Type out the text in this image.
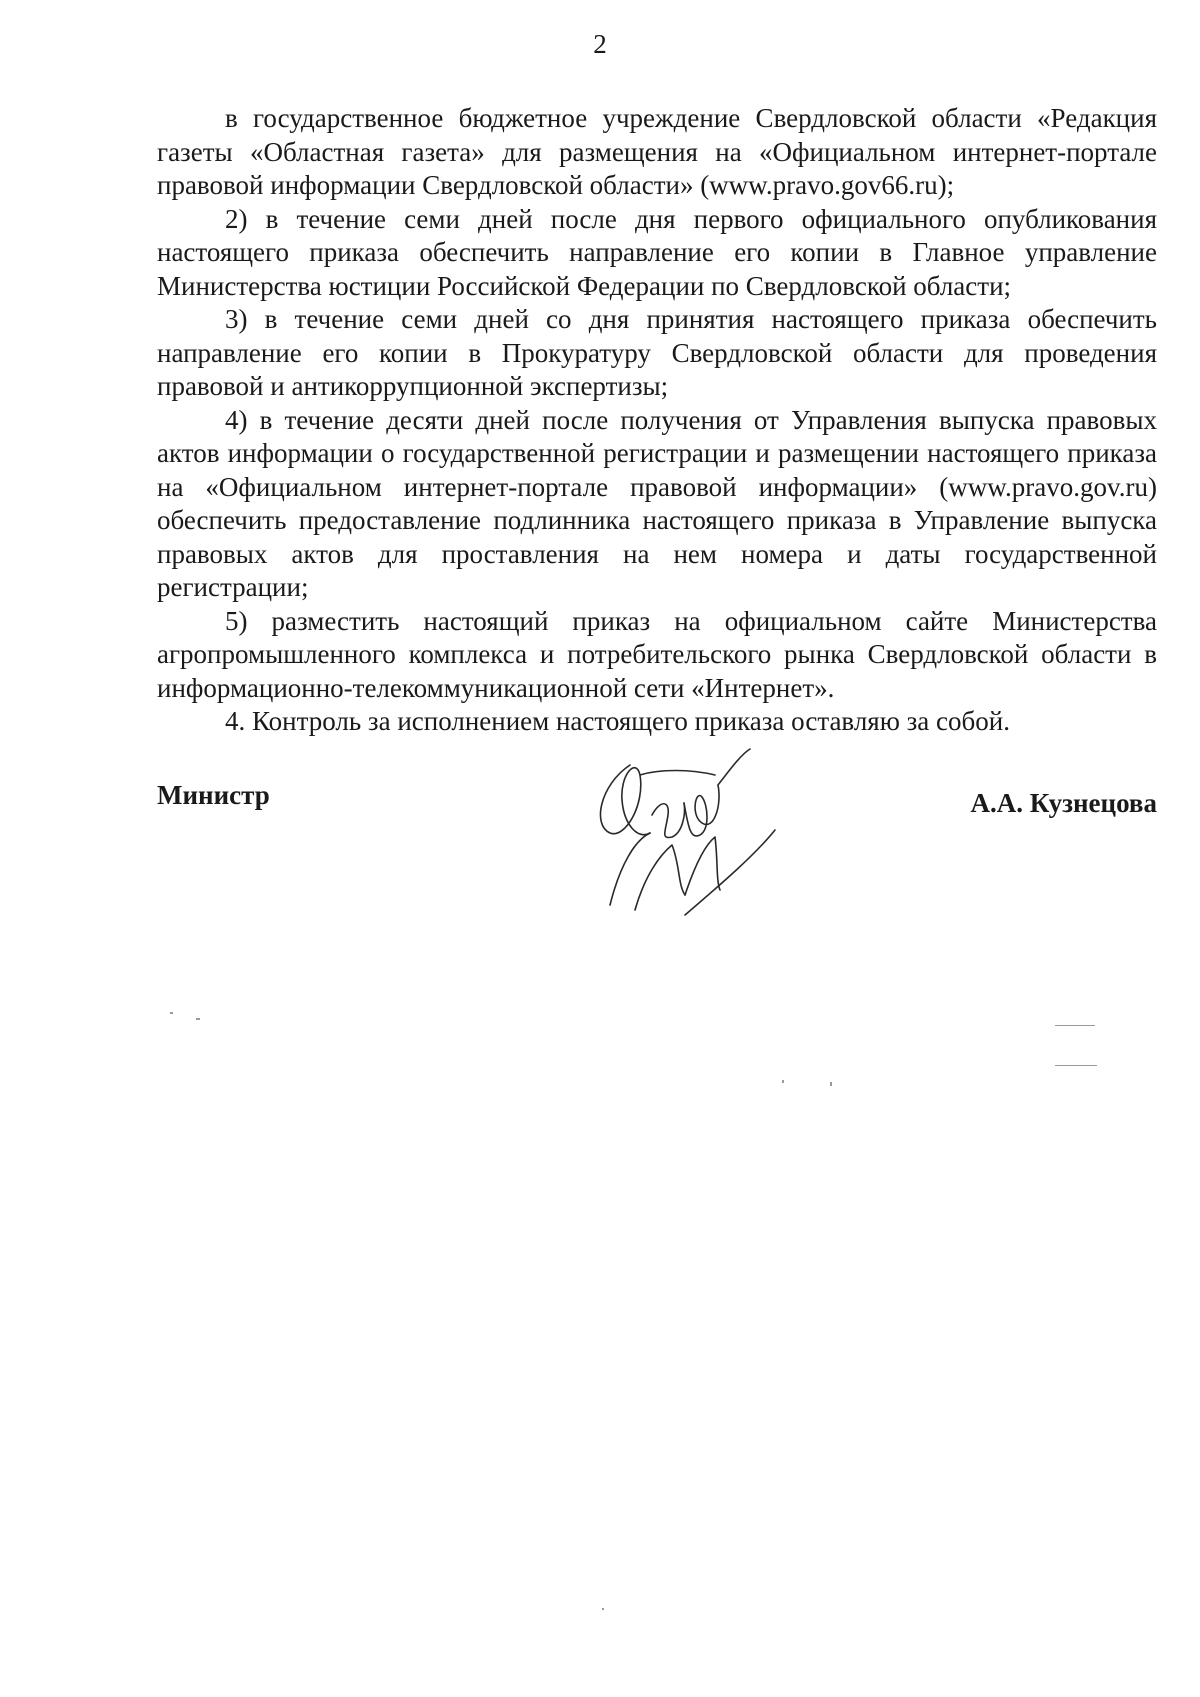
2

в государственное бюджетное учреждение Свердловской области «Редакция газеты «Областная газета» для размещения на «Официальном интернет-портале правовой информации Свердловской области» (www.pravo.gov66.ru);

2) в течение семи дней после дня первого официального опубликования настоящего приказа обеспечить направление его копии в Главное управление Министерства юстиции Российской Федерации по Свердловской области;

3) в течение семи дней со дня принятия настоящего приказа обеспечить направление его копии в Прокуратуру Свердловской области для проведения правовой и антикоррупционной экспертизы;

4) в течение десяти дней после получения от Управления выпуска правовых актов информации о государственной регистрации и размещении настоящего приказа на «Официальном интернет-портале правовой информации» (www.pravo.gov.ru) обеспечить предоставление подлинника настоящего приказа в Управление выпуска правовых актов для проставления на нем номера и даты государственной регистрации;

5) разместить настоящий приказ на официальном сайте Министерства агропромышленного комплекса и потребительского рынка Свердловской области в информационно-телекоммуникационной сети «Интернет».

4. Контроль за исполнением настоящего приказа оставляю за собой.

Министр	А.А. Кузнецова
